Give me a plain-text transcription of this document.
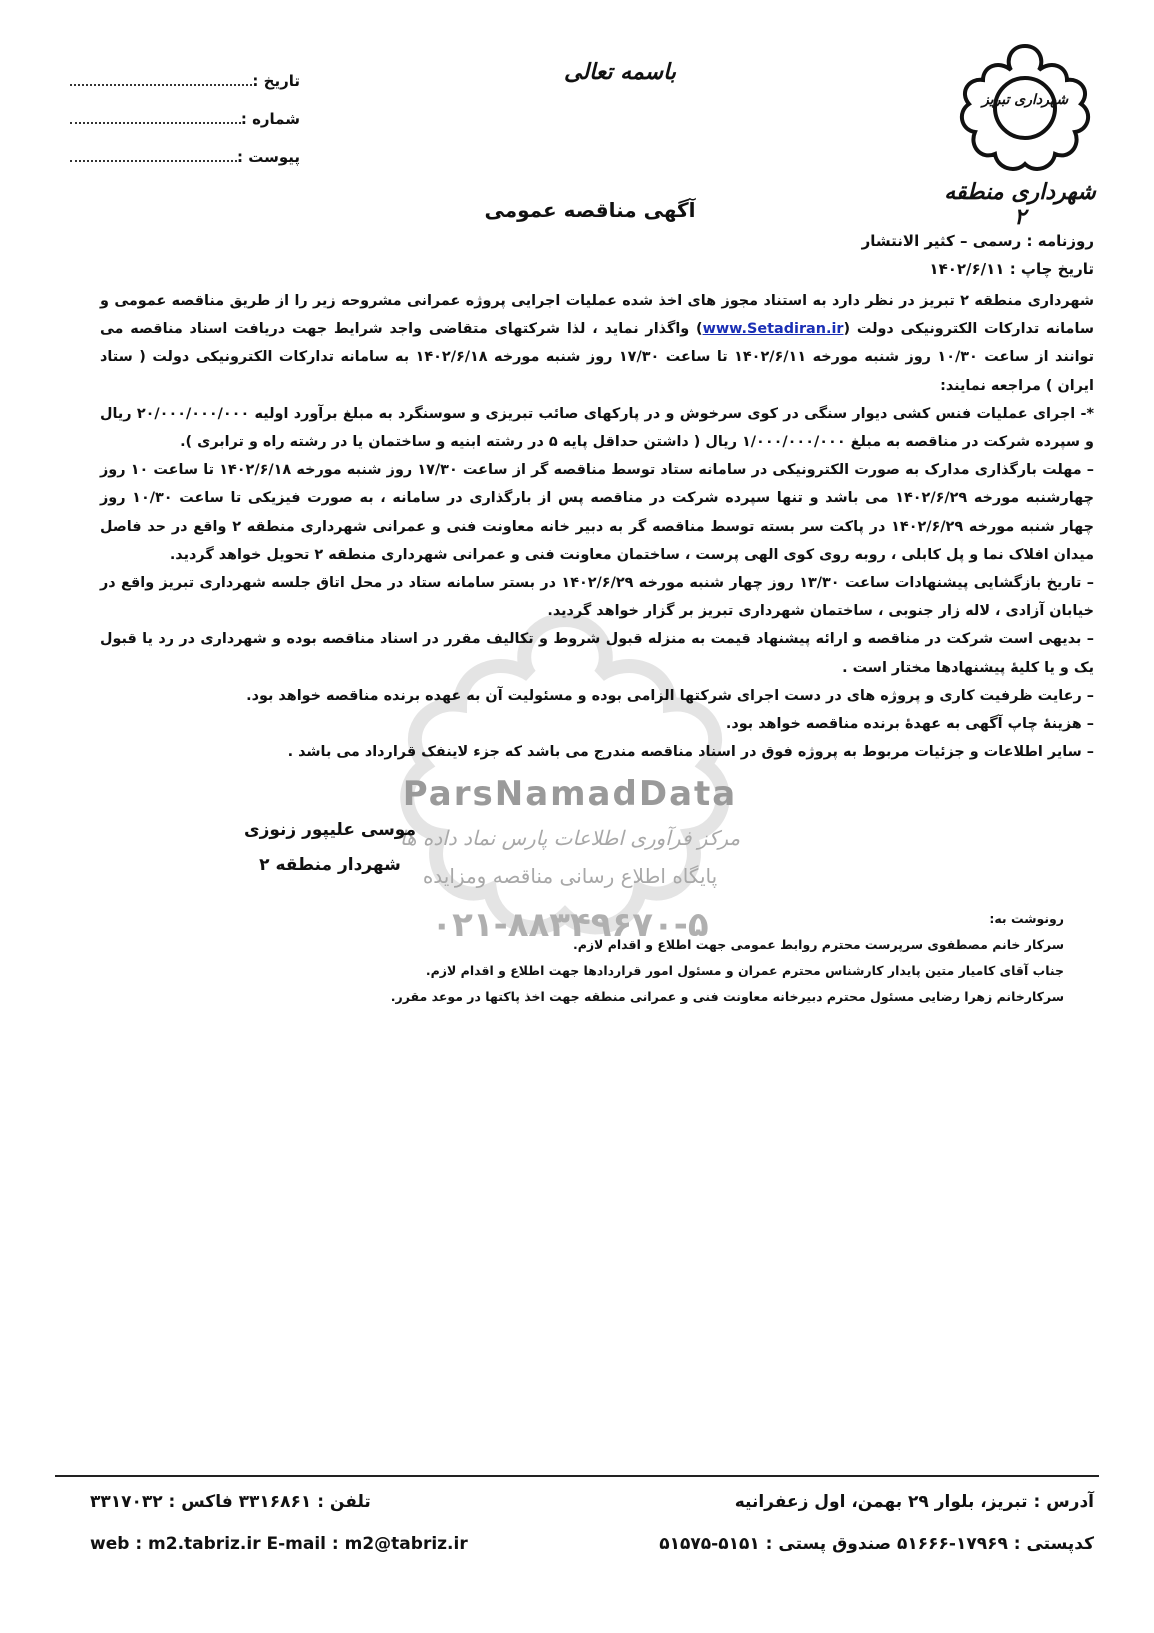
شهرداری تبریز
شهرداری منطقه ۲
باسمه تعالی
تاریخ :
شماره :
پیوست :
آگهی مناقصه عمومی
روزنامه : رسمی – کثیر الانتشار
تاریخ چاپ : ۱۴۰۲/۶/۱۱
ParsNamadData
مرکز فرآوری اطلاعات پارس نماد داده ها
پایگاه اطلاع رسانی مناقصه ومزایده
۰۲۱-۸۸۳۴۹۶۷۰-۵

شهرداری منطقه ۲ تبریز در نظر دارد به استناد مجوز های اخذ شده عملیات اجرایی پروژه عمرانی مشروحه زیر را از طریق مناقصه عمومی و سامانه تدارکات الکترونیکی دولت (www.Setadiran.ir) واگذار نماید ، لذا شرکتهای متقاضی واجد شرایط جهت دریافت اسناد مناقصه می توانند از ساعت ۱۰/۳۰ روز شنبه مورخه ۱۴۰۲/۶/۱۱ تا ساعت ۱۷/۳۰ روز شنبه مورخه ۱۴۰۲/۶/۱۸ به سامانه تدارکات الکترونیکی دولت ( ستاد ایران ) مراجعه نمایند:

*- اجرای عملیات فنس کشی دیوار سنگی در کوی سرخوش و در پارکهای صائب تبریزی و سوسنگرد به مبلغ برآورد اولیه ۲۰/۰۰۰/۰۰۰/۰۰۰ ریال و سپرده شرکت در مناقصه به مبلغ ۱/۰۰۰/۰۰۰/۰۰۰ ریال ( داشتن حداقل پایه ۵ در رشته ابنیه و ساختمان یا در رشته راه و ترابری ).

– مهلت بارگذاری مدارک به صورت الکترونیکی در سامانه ستاد توسط مناقصه گر از ساعت ۱۷/۳۰ روز شنبه مورخه ۱۴۰۲/۶/۱۸ تا ساعت ۱۰ روز چهارشنبه مورخه ۱۴۰۲/۶/۲۹ می باشد و تنها سپرده شرکت در مناقصه پس از بارگذاری در سامانه ، به صورت فیزیکی تا ساعت ۱۰/۳۰ روز چهار شنبه مورخه ۱۴۰۲/۶/۲۹ در پاکت سر بسته توسط مناقصه گر به دبیر خانه معاونت فنی و عمرانی شهرداری منطقه ۲ واقع در حد فاصل میدان افلاک نما و پل کابلی ، روبه روی کوی الهی پرست ، ساختمان معاونت فنی و عمرانی شهرداری منطقه ۲ تحویل خواهد گردید.

– تاریخ بازگشایی پیشنهادات ساعت ۱۳/۳۰ روز چهار شنبه مورخه ۱۴۰۲/۶/۲۹ در بستر سامانه ستاد در محل اتاق جلسه شهرداری تبریز واقع در خیابان آزادی ، لاله زار جنوبی ، ساختمان شهرداری تبریز بر گزار خواهد گردید.

– بدیهی است شرکت در مناقصه و ارائه پیشنهاد قیمت به منزله قبول شروط و تکالیف مقرر در اسناد مناقصه بوده و شهرداری در رد یا قبول یک و یا کلیهٔ پیشنهادها مختار است .

– رعایت ظرفیت کاری و پروژه های در دست اجرای شرکتها الزامی بوده و مسئولیت آن به عهده برنده مناقصه خواهد بود.

– هزینهٔ چاپ آگهی به عهدهٔ برنده مناقصه خواهد بود.

– سایر اطلاعات و جزئیات مربوط به پروژه فوق در اسناد مناقصه مندرج می باشد که جزء لاینفک قرارداد می باشد .

موسی علیپور زنوزی
شهردار منطقه ۲
رونوشت به:
سرکار خانم مصطفوی سرپرست محترم روابط عمومی جهت اطلاع و اقدام لازم.
جناب آقای کامیار متین پایدار کارشناس محترم عمران و مسئول امور قراردادها جهت اطلاع و اقدام لازم.
سرکارخانم زهرا رضایی مسئول محترم دبیرخانه معاونت فنی و عمرانی منطقه جهت اخذ پاکتها در موعد مقرر.
آدرس : تبریز، بلوار ۲۹ بهمن، اول زعفرانیه
تلفن : ۳۳۱۶۸۶۱ فاکس : ۳۳۱۷۰۳۲
کدپستی : ۱۷۹۶۹-۵۱۶۶۶ صندوق پستی : ۵۱۵۱-۵۱۵۷۵
web : m2.tabriz.ir E-mail : m2@tabriz.ir
